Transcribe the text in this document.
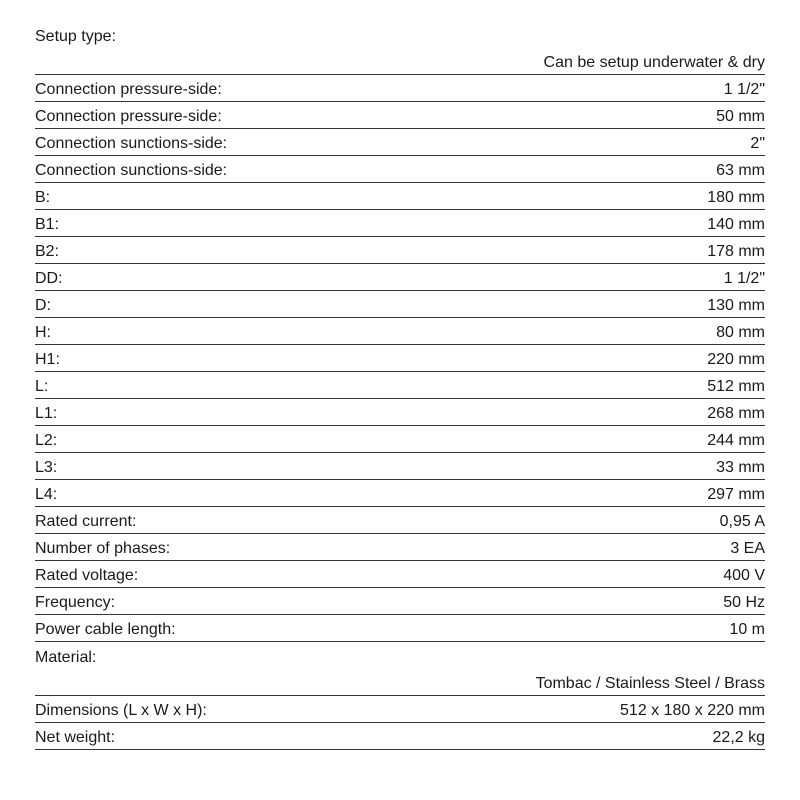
Setup type:
Can be setup underwater & dry
Connection pressure-side:	1 1/2"
Connection pressure-side:	50 mm
Connection sunctions-side:	2"
Connection sunctions-side:	63 mm
B:	180 mm
B1:	140 mm
B2:	178 mm
DD:	1 1/2"
D:	130 mm
H:	80 mm
H1:	220 mm
L:	512 mm
L1:	268 mm
L2:	244 mm
L3:	33 mm
L4:	297 mm
Rated current:	0,95 A
Number of phases:	3 EA
Rated voltage:	400 V
Frequency:	50 Hz
Power cable length:	10 m
Material:
Tombac / Stainless Steel / Brass
Dimensions (L x W x H):	512 x 180 x 220 mm
Net weight:	22,2 kg
